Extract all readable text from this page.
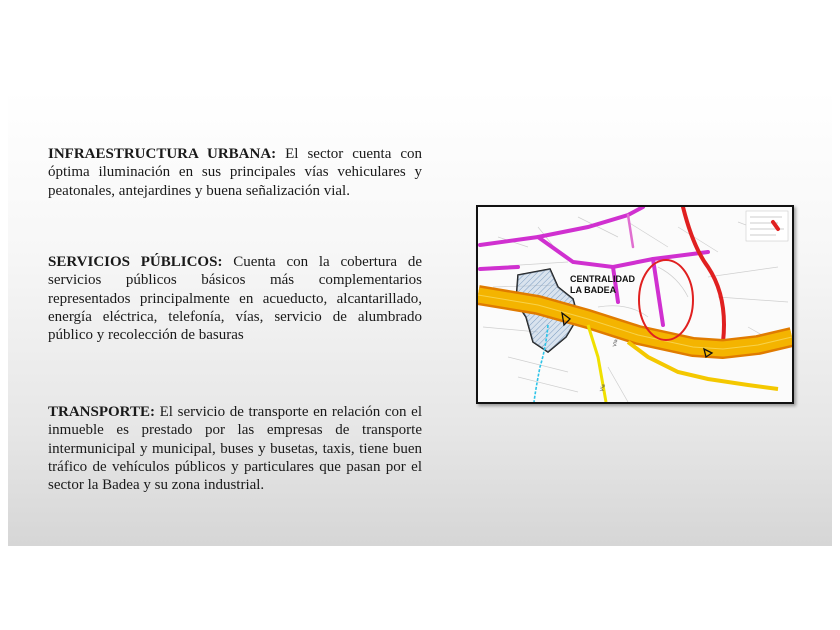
INFRAESTRUCTURA URBANA: El sector cuenta con óptima iluminación en sus principales vías vehiculares y peatonales, antejardines y buena señalización vial.
SERVICIOS PÚBLICOS: Cuenta con la cobertura de servicios públicos básicos más complementarios representados principalmente en acueducto, alcantarillado, energía eléctrica, telefonía, vías, servicio de alumbrado público y recolección de basuras
TRANSPORTE: El servicio de transporte en relación con el inmueble es prestado por las empresas de transporte intermunicipal y municipal, buses y busetas, taxis, tiene buen tráfico de vehículos públicos y particulares que pasan por el sector la Badea y su zona industrial.
Vía
Vía
CENTRALIDAD
LA BADEA
